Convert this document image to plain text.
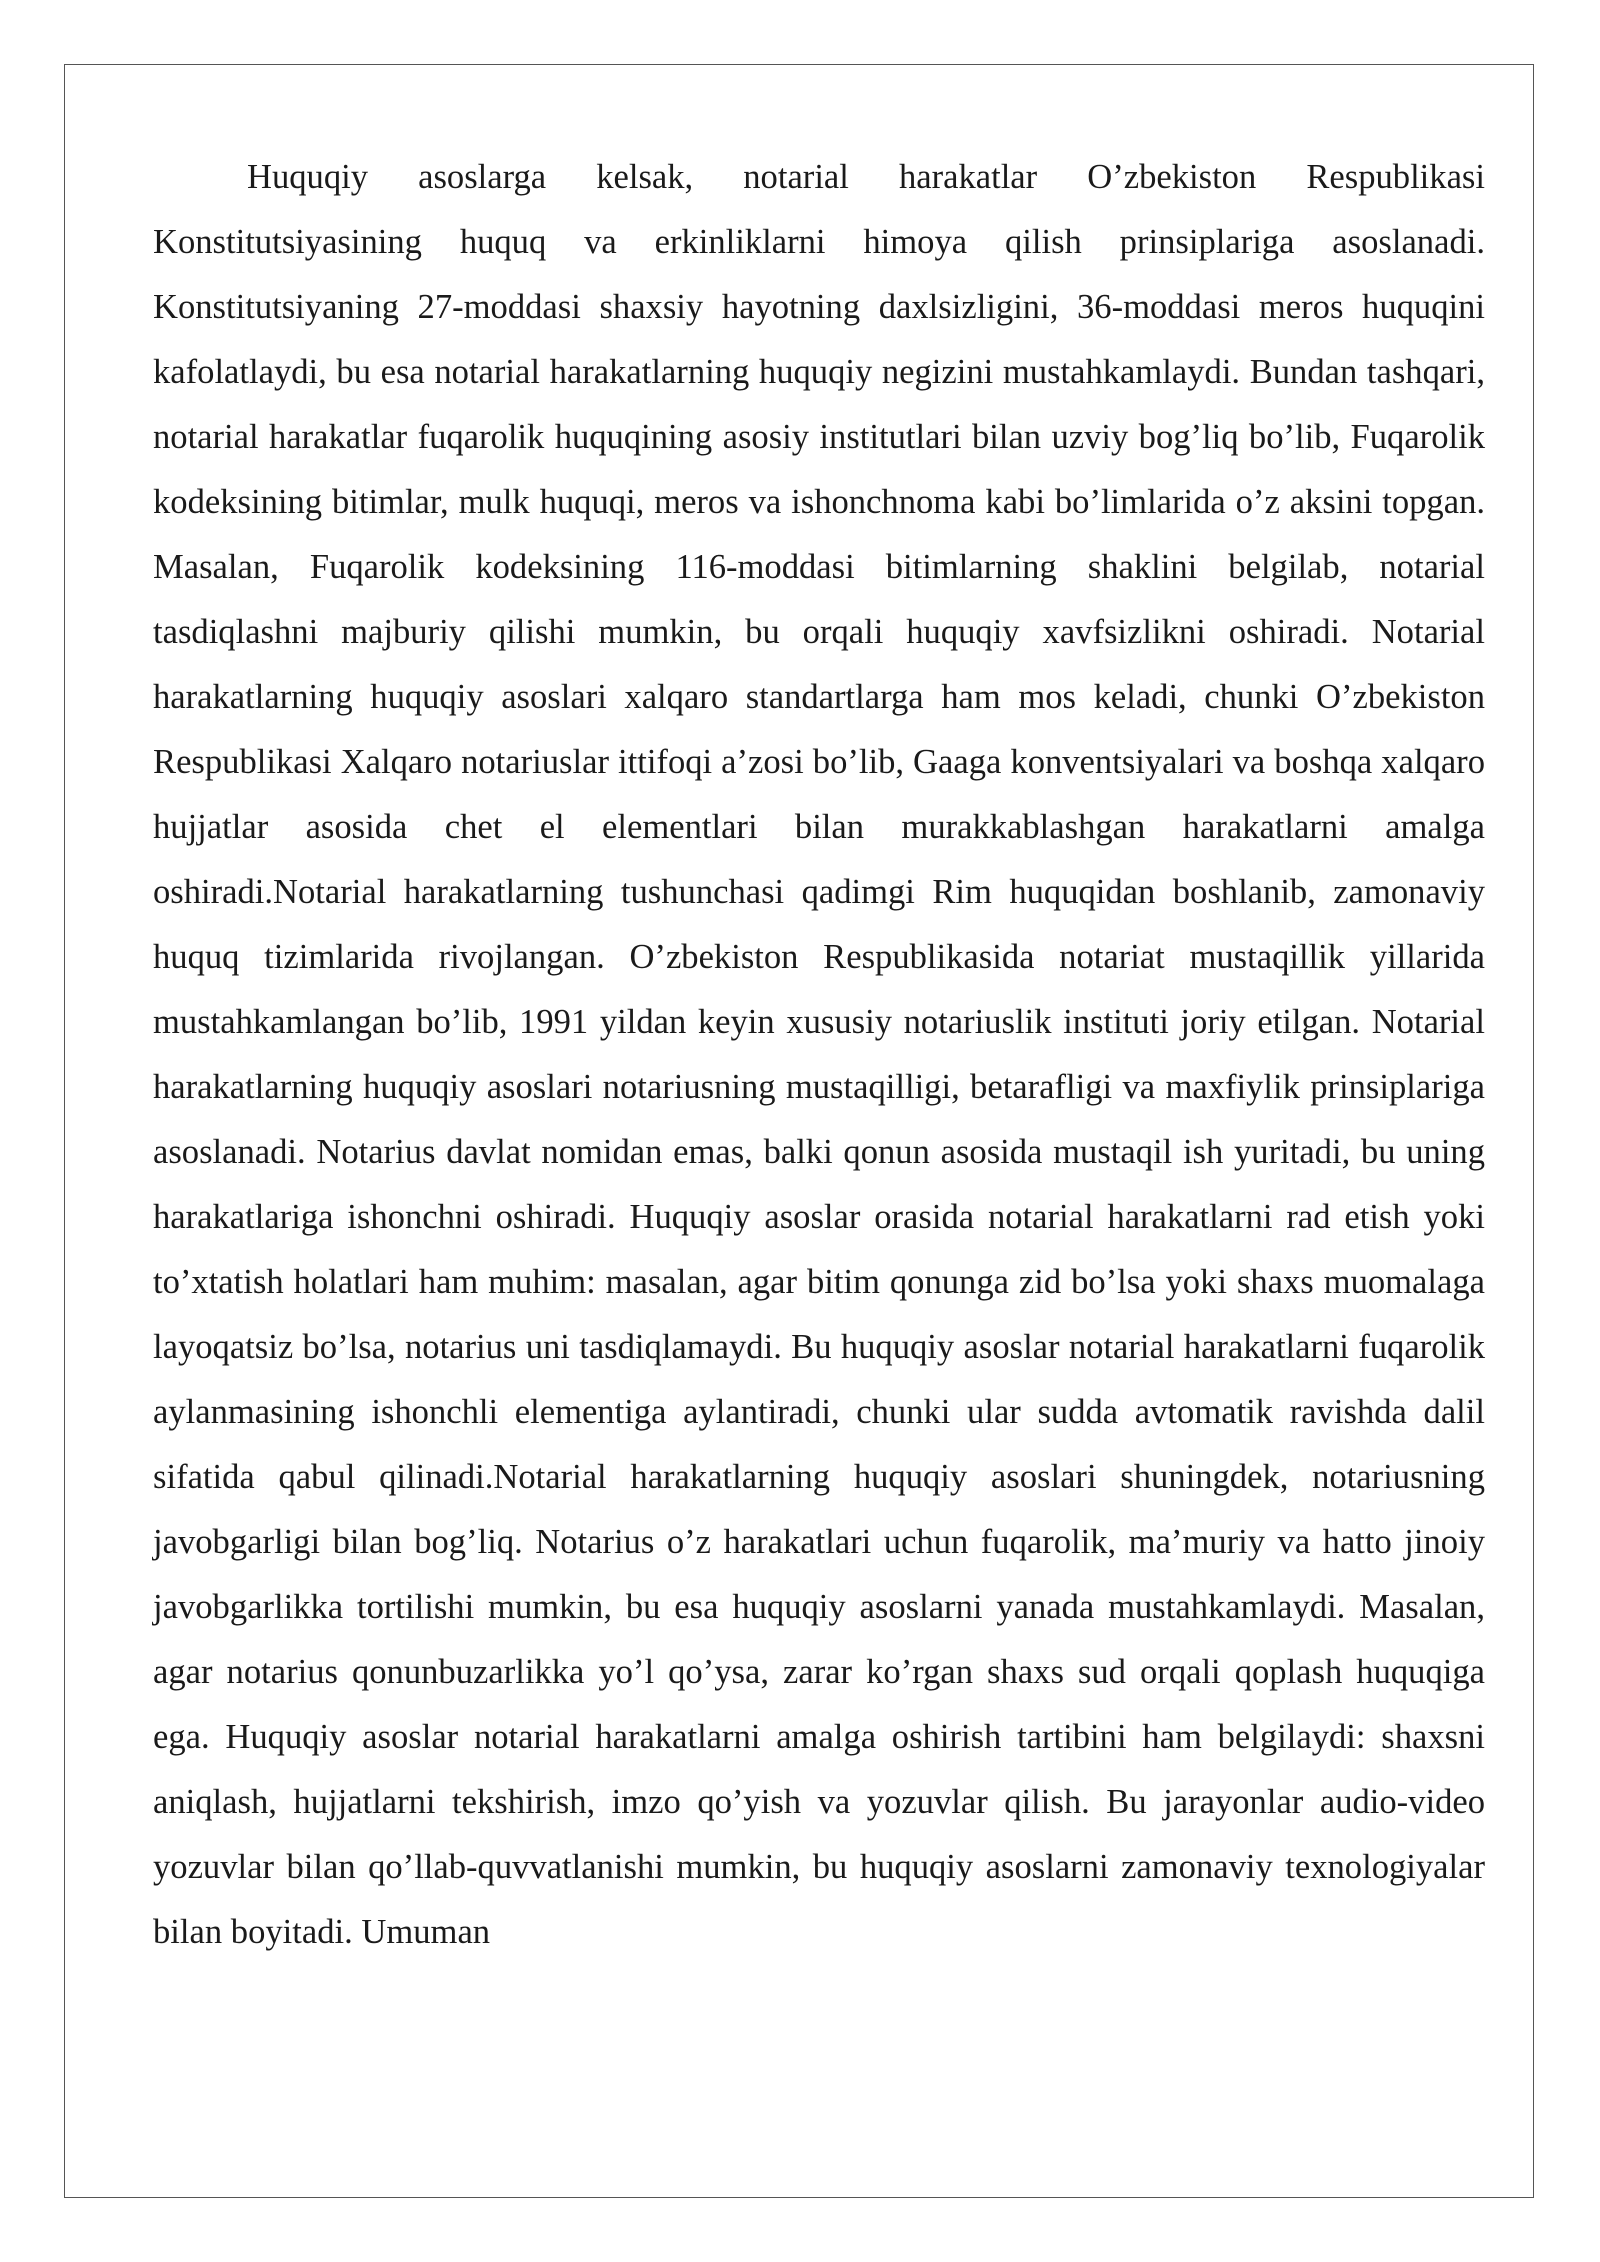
Huquqiy asoslarga kelsak, notarial harakatlar O’zbekiston Respublikasi Konstitutsiyasining huquq va erkinliklarni himoya qilish prinsiplariga asoslanadi. Konstitutsiyaning 27-moddasi shaxsiy hayotning daxlsizligini, 36-moddasi meros huquqini kafolatlaydi, bu esa notarial harakatlarning huquqiy negizini mustahkamlaydi. Bundan tashqari, notarial harakatlar fuqarolik huquqining asosiy institutlari bilan uzviy bog’liq bo’lib, Fuqarolik kodeksining bitimlar, mulk huquqi, meros va ishonchnoma kabi bo’limlarida o’z aksini topgan. Masalan, Fuqarolik kodeksining 116-moddasi bitimlarning shaklini belgilab, notarial tasdiqlashni majburiy qilishi mumkin, bu orqali huquqiy xavfsizlikni oshiradi. Notarial harakatlarning huquqiy asoslari xalqaro standartlarga ham mos keladi, chunki O’zbekiston Respublikasi Xalqaro notariuslar ittifoqi a’zosi bo’lib, Gaaga konventsiyalari va boshqa xalqaro hujjatlar asosida chet el elementlari bilan murakkablashgan harakatlarni amalga oshiradi.Notarial harakatlarning tushunchasi qadimgi Rim huquqidan boshlanib, zamonaviy huquq tizimlarida rivojlangan. O’zbekiston Respublikasida notariat mustaqillik yillarida mustahkamlangan bo’lib, 1991 yildan keyin xususiy notariuslik instituti joriy etilgan. Notarial harakatlarning huquqiy asoslari notariusning mustaqilligi, betarafligi va maxfiylik prinsiplariga asoslanadi. Notarius davlat nomidan emas, balki qonun asosida mustaqil ish yuritadi, bu uning harakatlariga ishonchni oshiradi. Huquqiy asoslar orasida notarial harakatlarni rad etish yoki to’xtatish holatlari ham muhim: masalan, agar bitim qonunga zid bo’lsa yoki shaxs muomalaga layoqatsiz bo’lsa, notarius uni tasdiqlamaydi. Bu huquqiy asoslar notarial harakatlarni fuqarolik aylanmasining ishonchli elementiga aylantiradi, chunki ular sudda avtomatik ravishda dalil sifatida qabul qilinadi.Notarial harakatlarning huquqiy asoslari shuningdek, notariusning javobgarligi bilan bog’liq. Notarius o’z harakatlari uchun fuqarolik, ma’muriy va hatto jinoiy javobgarlikka tortilishi mumkin, bu esa huquqiy asoslarni yanada mustahkamlaydi. Masalan, agar notarius qonunbuzarlikka yo’l qo’ysa, zarar ko’rgan shaxs sud orqali qoplash huquqiga ega. Huquqiy asoslar notarial harakatlarni amalga oshirish tartibini ham belgilaydi: shaxsni aniqlash, hujjatlarni tekshirish, imzo qo’yish va yozuvlar qilish. Bu jarayonlar audio-video yozuvlar bilan qo’llab-quvvatlanishi mumkin, bu huquqiy asoslarni zamonaviy texnologiyalar bilan boyitadi. Umuman
